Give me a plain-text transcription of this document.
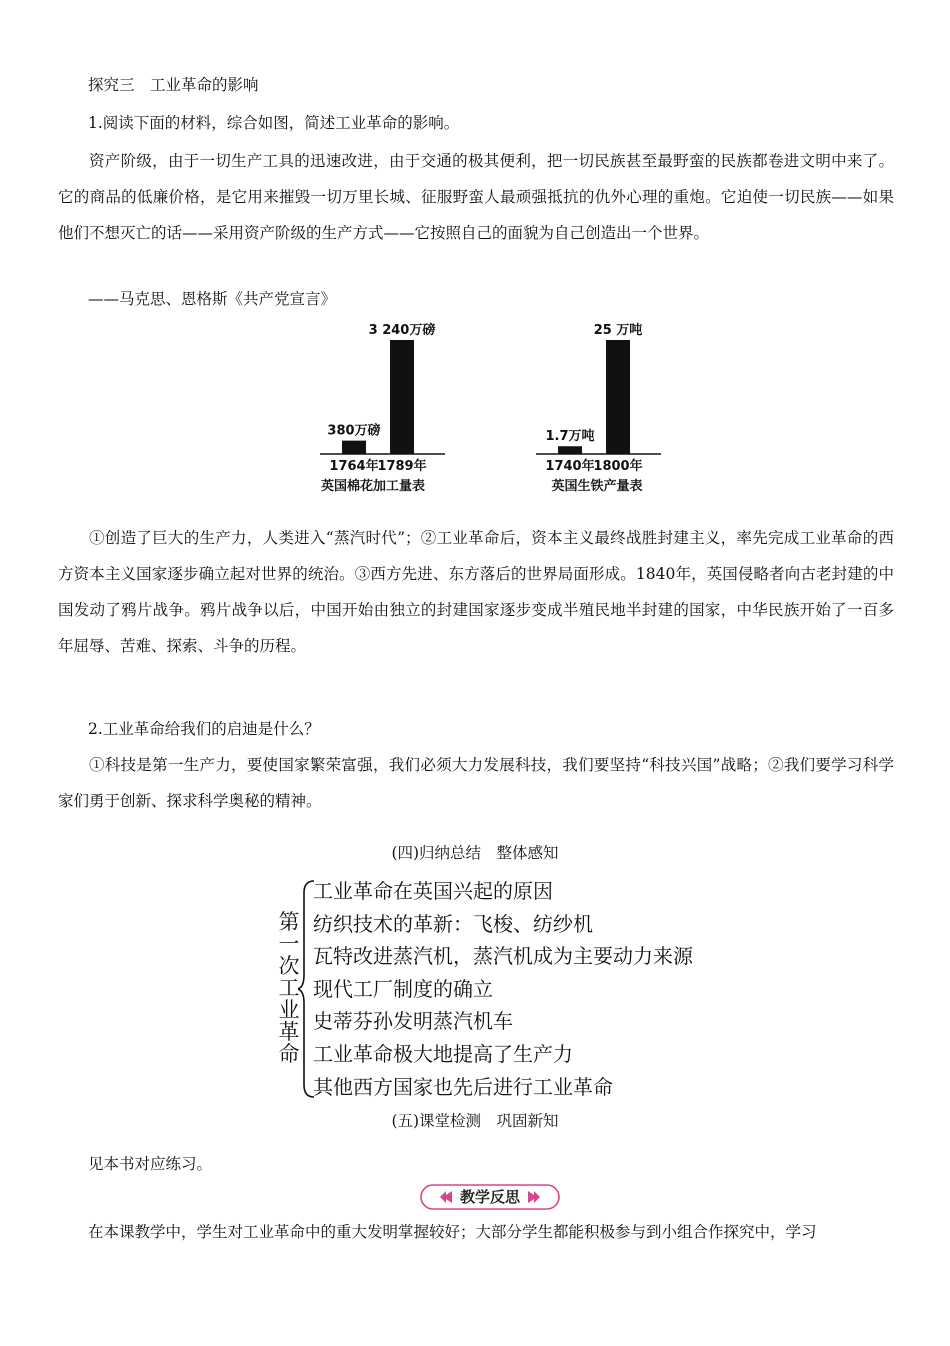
探究三　工业革命的影响

1.阅读下面的材料，综合如图，简述工业革命的影响。

资产阶级，由于一切生产工具的迅速改进，由于交通的极其便利，把一切民族甚至最野蛮的民族都卷进文明中来了。它的商品的低廉价格，是它用来摧毁一切万里长城、征服野蛮人最顽强抵抗的仇外心理的重炮。它迫使一切民族——如果他们不想灭亡的话——采用资产阶级的生产方式——它按照自己的面貌为自己创造出一个世界。

——马克思、恩格斯《共产党宣言》

380万磅
1764年
3 240万磅
1789年
英国棉花加工量表
1.7万吨
1740年
25 万吨
1800年
英国生铁产量表

①创造了巨大的生产力，人类进入“蒸汽时代”；②工业革命后，资本主义最终战胜封建主义，率先完成工业革命的西方资本主义国家逐步确立起对世界的统治。③西方先进、东方落后的世界局面形成。1840年，英国侵略者向古老封建的中国发动了鸦片战争。鸦片战争以后，中国开始由独立的封建国家逐步变成半殖民地半封建的国家，中华民族开始了一百多年屈辱、苦难、探索、斗争的历程。

2.工业革命给我们的启迪是什么？

①科技是第一生产力，要使国家繁荣富强，我们必须大力发展科技，我们要坚持“科技兴国”战略；②我们要学习科学家们勇于创新、探求科学奥秘的精神。

(四)归纳总结　整体感知

第
一
次
工
业
革
命
工业革命在英国兴起的原因
纺织技术的革新：飞梭、纺纱机
瓦特改进蒸汽机，蒸汽机成为主要动力来源
现代工厂制度的确立
史蒂芬孙发明蒸汽机车
工业革命极大地提高了生产力
其他西方国家也先后进行工业革命

(五)课堂检测　巩固新知

见本书对应练习。

教学反思

在本课教学中，学生对工业革命中的重大发明掌握较好；大部分学生都能积极参与到小组合作探究中，学习
